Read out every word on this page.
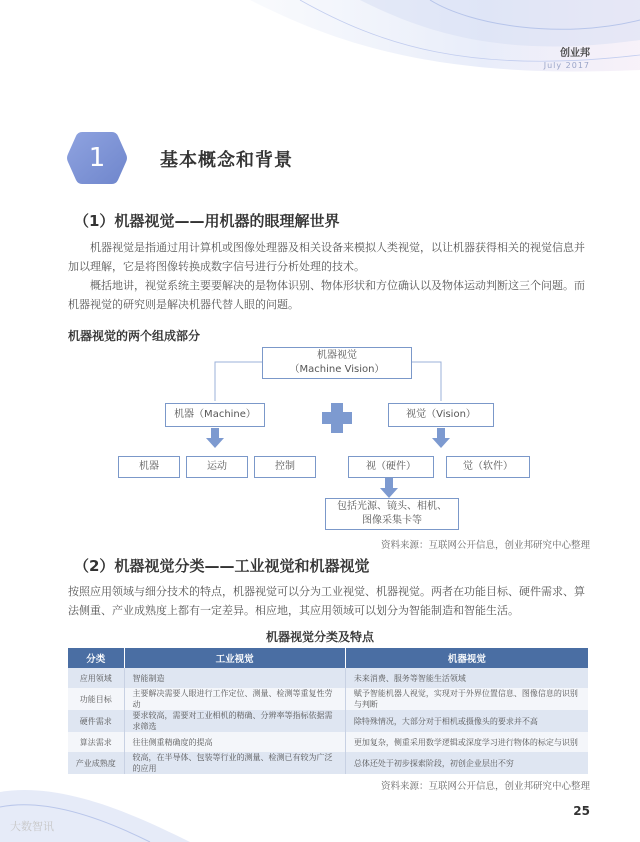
创业邦
July 2017
1	基本概念和背景
（1）机器视觉——用机器的眼理解世界
机器视觉是指通过用计算机或图像处理器及相关设备来模拟人类视觉，以让机器获得相关的视觉信息并加以理解，它是将图像转换成数字信号进行分析处理的技术。
概括地讲，视觉系统主要要解决的是物体识别、物体形状和方位确认以及物体运动判断这三个问题。而机器视觉的研究则是解决机器代替人眼的问题。
机器视觉的两个组成部分
机器视觉
（Machine Vision）
机器（Machine）	视觉（Vision）
机器	运动	控制	视（硬件）	觉（软件）
包括光源、镜头、相机、
图像采集卡等
资料来源：互联网公开信息，创业邦研究中心整理
（2）机器视觉分类——工业视觉和机器视觉
按照应用领域与细分技术的特点，机器视觉可以分为工业视觉、机器视觉。两者在功能目标、硬件需求、算法侧重、产业成熟度上都有一定差异。相应地，其应用领域可以划分为智能制造和智能生活。
机器视觉分类及特点
分类	工业视觉	机器视觉
应用领域	智能制造	未来消费、服务等智能生活领域
功能目标	主要解决需要人眼进行工作定位、测量、检测等重复性劳动	赋予智能机器人视觉，实现对于外界位置信息、图像信息的识别与判断
硬件需求	要求较高，需要对工业相机的精确、分辨率等指标依据需求筛选	除特殊情况，大部分对于相机或摄像头的要求并不高
算法需求	往往侧重精确度的提高	更加复杂，侧重采用数学逻辑或深度学习进行物体的标定与识别
产业成熟度	较高，在半导体、包装等行业的测量、检测已有较为广泛的应用	总体还处于初步探索阶段，初创企业层出不穷
资料来源：互联网公开信息，创业邦研究中心整理
25
大数智讯
